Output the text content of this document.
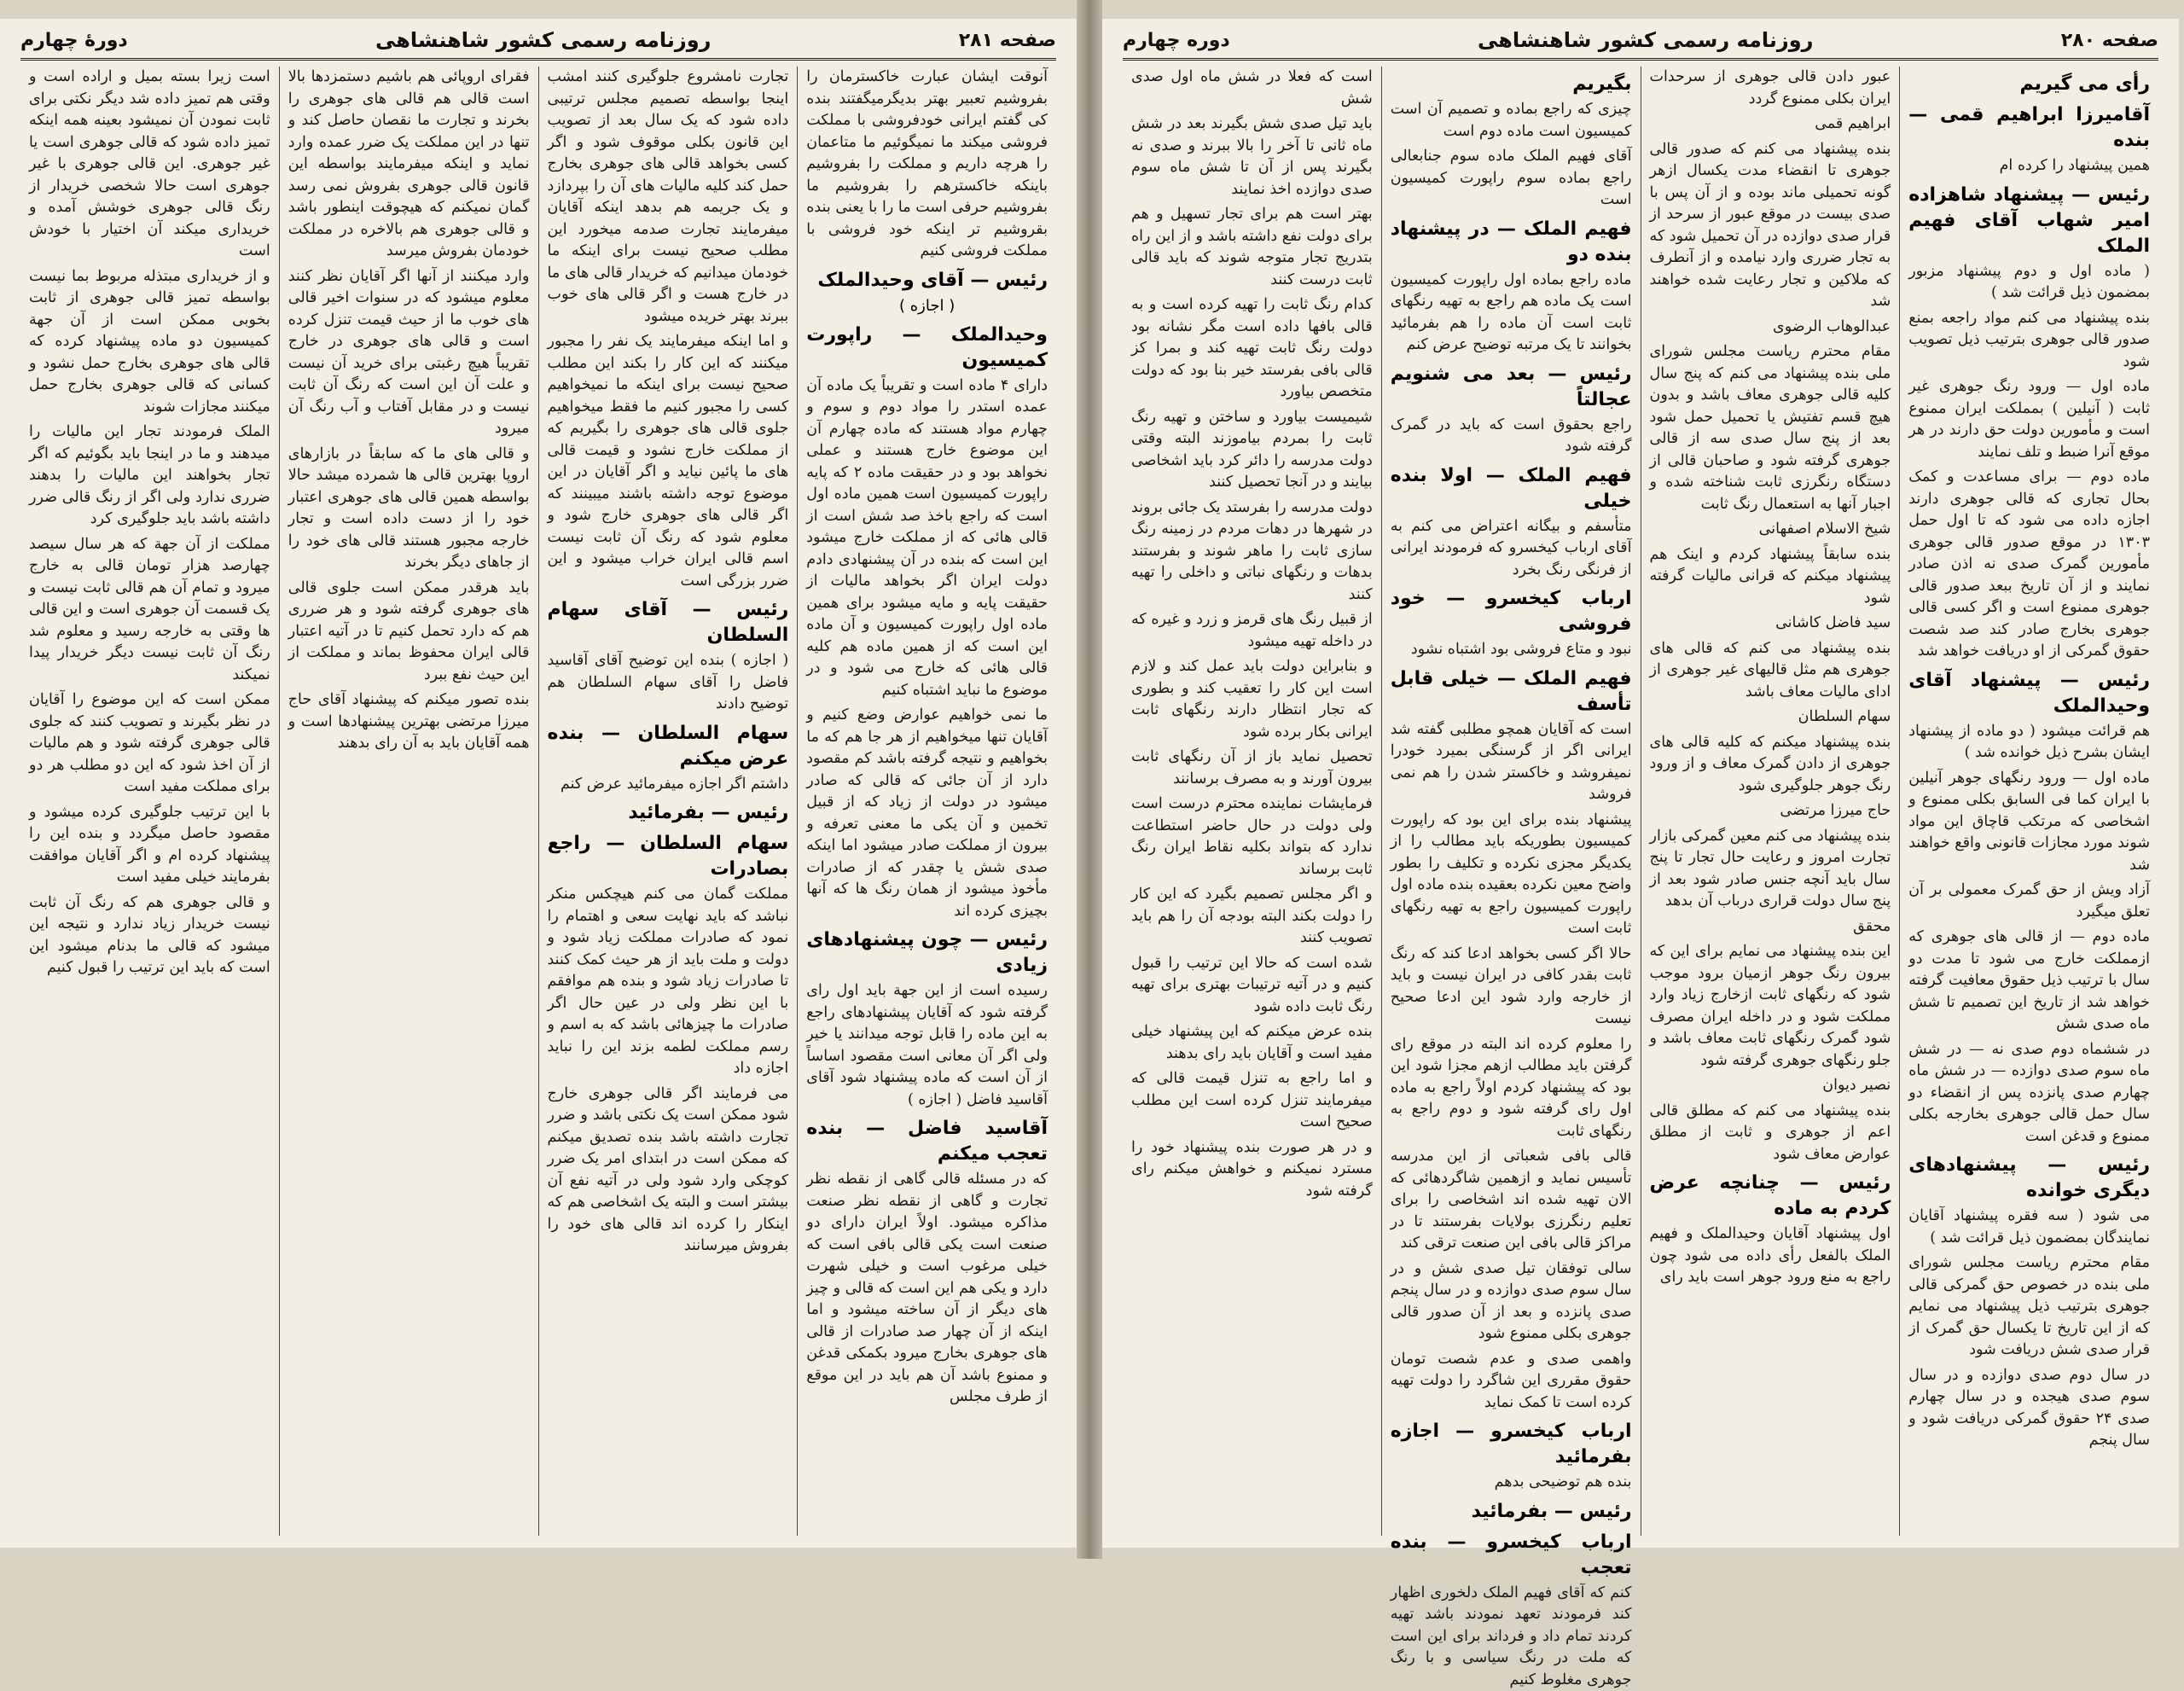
صفحه ۲۸۱
روزنامه رسمی کشور شاهنشاهی
دورهٔ چهارم
آنوقت ایشان عبارت خاکسترمان را بفروشیم تعبیر بهتر بدیگرمیگفتند بنده کی گفتم ایرانی خودفروشی با مملکت فروشی میکند ما نمیگوئیم ما متاعمان را هرچه داریم و مملکت را بفروشیم باینکه خاکسترهم را بفروشیم ما بفروشیم حرفی است ما را با یعنی بنده بقروشیم تر اینکه خود فروشی با مملکت فروشی کنیم
رئیس — آقای وحیدالملک
( اجازه )
وحیدالملک — راپورت کمیسیون
دارای ۴ ماده است و تقریباً یک ماده آن عمده استدر را مواد دوم و سوم و چهارم مواد هستند که ماده چهارم آن این موضوع خارج هستند و عملی نخواهد بود و در حقیقت ماده ۲ که پایه راپورت کمیسیون است همین ماده اول است که راجع باخذ صد شش است از قالی هائی که از مملکت خارج میشود این است که بنده در آن پیشنهادی دادم دولت ایران اگر بخواهد مالیات از حقیقت پایه و مایه میشود برای همین ماده اول راپورت کمیسیون و آن ماده این است که از همین ماده هم کلیه قالی هائی که خارج می شود و در موضوع ما نباید اشتباه کنیم
ما نمی خواهیم عوارض وضع کنیم و آقایان تنها میخواهیم از هر جا هم که ما بخواهیم و نتیجه گرفته باشد کم مقصود دارد از آن جائی که قالی که صادر میشود در دولت از زیاد که از قبیل تخمین و آن یکی ما معنی تعرفه و بیرون از مملکت صادر میشود اما اینکه صدی شش یا چقدر که از صادرات مأخوذ میشود از همان رنگ ها که آنها بچیزی کرده اند
رئیس — چون پیشنهادهای زیادی
رسیده است از این جهة باید اول رای گرفته شود که آقایان پیشنهادهای راجع به این ماده را قابل توجه میدانند یا خیر ولی اگر آن معانی است مقصود اساساً از آن است که ماده پیشنهاد شود آقای آقاسید فاضل ( اجازه )
آقاسید فاضل — بنده تعجب میکنم
که در مسئله قالی گاهی از نقطه نظر تجارت و گاهی از نقطه نظر صنعت مذاکره میشود. اولاً ایران دارای دو صنعت است یکی قالی بافی است که خیلی مرغوب است و خیلی شهرت دارد و یکی هم این است که قالی و چیز های دیگر از آن ساخته میشود و اما اینکه از آن چهار صد صادرات از قالی های جوهری بخارج میرود بکمکی قدغن و ممنوع باشد آن هم باید در این موقع از طرف مجلس
تجارت نامشروع جلوگیری کنند امشب اینجا بواسطه تصمیم مجلس ترتیبی داده شود که یک سال بعد از تصویب این قانون بکلی موقوف شود و اگر کسی بخواهد قالی های جوهری بخارج حمل کند کلیه مالیات های آن را بپردازد و یک جریمه هم بدهد اینکه آقایان میفرمایند تجارت صدمه میخورد این مطلب صحیح نیست برای اینکه ما خودمان میدانیم که خریدار قالی های ما در خارج هست و اگر قالی های خوب ببرند بهتر خریده میشود
و اما اینکه میفرمایند یک نفر را مجبور میکنند که این کار را بکند این مطلب صحیح نیست برای اینکه ما نمیخواهیم کسی را مجبور کنیم ما فقط میخواهیم جلوی قالی های جوهری را بگیریم که از مملکت خارج نشود و قیمت قالی های ما پائین نیاید و اگر آقایان در این موضوع توجه داشته باشند میبینند که اگر قالی های جوهری خارج شود و معلوم شود که رنگ آن ثابت نیست اسم قالی ایران خراب میشود و این ضرر بزرگی است
رئیس — آقای سهام السلطان
( اجازه ) بنده این توضیح آقای آقاسید فاضل را آقای سهام السلطان هم توضیح دادند
سهام السلطان — بنده عرض میکنم
داشتم اگر اجازه میفرمائید عرض کنم
رئیس — بفرمائید
سهام السلطان — راجع بصادرات
مملکت گمان می کنم هیچکس منکر نباشد که باید نهایت سعی و اهتمام را نمود که صادرات مملکت زیاد شود و دولت و ملت باید از هر حیث کمک کنند تا صادرات زیاد شود و بنده هم موافقم با این نظر ولی در عین حال اگر صادرات ما چیزهائی باشد که به اسم و رسم مملکت لطمه بزند این را نباید اجازه داد
می فرمایند اگر قالی جوهری خارج شود ممکن است یک نکتی باشد و ضرر تجارت داشته باشد بنده تصدیق میکنم که ممکن است در ابتدای امر یک ضرر کوچکی وارد شود ولی در آتیه نفع آن بیشتر است و البته یک اشخاصی هم که اینکار را کرده اند قالی های خود را بفروش میرسانند
فقرای اروپائی هم باشیم دستمزدها بالا است قالی هم قالی های جوهری را بخرند و تجارت ما نقصان حاصل کند و تنها در این مملکت یک ضرر عمده وارد نماید و اینکه میفرمایند بواسطه این قانون قالی جوهری بفروش نمی رسد گمان نمیکنم که هیچوقت اینطور باشد و قالی جوهری هم بالاخره در مملکت خودمان بفروش میرسد
وارد میکنند از آنها اگر آقایان نظر کنند معلوم میشود که در سنوات اخیر قالی های خوب ما از حیث قیمت تنزل کرده است و قالی های جوهری در خارج تقریباً هیچ رغبتی برای خرید آن نیست و علت آن این است که رنگ آن ثابت نیست و در مقابل آفتاب و آب رنگ آن میرود
و قالی های ما که سابقاً در بازارهای اروپا بهترین قالی ها شمرده میشد حالا بواسطه همین قالی های جوهری اعتبار خود را از دست داده است و تجار خارجه مجبور هستند قالی های خود را از جاهای دیگر بخرند
باید هرقدر ممکن است جلوی قالی های جوهری گرفته شود و هر ضرری هم که دارد تحمل کنیم تا در آتیه اعتبار قالی ایران محفوظ بماند و مملکت از این حیث نفع ببرد
بنده تصور میکنم که پیشنهاد آقای حاج میرزا مرتضی بهترین پیشنهادها است و همه آقایان باید به آن رای بدهند
است زیرا بسته بمیل و اراده است و وقتی هم تمیز داده شد دیگر نکتی برای ثابت نمودن آن نمیشود بعینه همه اینکه تمیز داده شود که قالی جوهری است یا غیر جوهری. این قالی جوهری با غیر جوهری است حالا شخصی خریدار از رنگ قالی جوهری خوشش آمده و خریداری میکند آن اختیار با خودش است
و از خریداری مبتذله مربوط بما نیست بواسطه تمیز قالی جوهری از ثابت بخوبی ممکن است از آن جهة کمیسیون دو ماده پیشنهاد کرده که قالی های جوهری بخارج حمل نشود و کسانی که قالی جوهری بخارج حمل میکنند مجازات شوند
الملک فرمودند تجار این مالیات را میدهند و ما در اینجا باید بگوئیم که اگر تجار بخواهند این مالیات را بدهند ضرری ندارد ولی اگر از رنگ قالی ضرر داشته باشد باید جلوگیری کرد
مملکت از آن جهة که هر سال سیصد چهارصد هزار تومان قالی به خارج میرود و تمام آن هم قالی ثابت نیست و یک قسمت آن جوهری است و این قالی ها وقتی به خارجه رسید و معلوم شد رنگ آن ثابت نیست دیگر خریدار پیدا نمیکند
ممکن است که این موضوع را آقایان در نظر بگیرند و تصویب کنند که جلوی قالی جوهری گرفته شود و هم مالیات از آن اخذ شود که این دو مطلب هر دو برای مملکت مفید است
با این ترتیب جلوگیری کرده میشود و مقصود حاصل میگردد و بنده این را پیشنهاد کرده ام و اگر آقایان موافقت بفرمایند خیلی مفید است
و قالی جوهری هم که رنگ آن ثابت نیست خریدار زیاد ندارد و نتیجه این میشود که قالی ما بدنام میشود این است که باید این ترتیب را قبول کنیم
صفحه ۲۸۰
روزنامه رسمی کشور شاهنشاهی
دوره چهارم
رأی می گیریم
آقامیرزا ابراهیم قمی — بنده
همین پیشنهاد را کرده ام
رئیس — پیشنهاد شاهزاده امیر شهاب آقای فهیم الملک
( ماده اول و دوم پیشنهاد مزبور بمضمون ذیل قرائت شد )
بنده پیشنهاد می کنم مواد راجعه بمنع صدور قالی جوهری بترتیب ذیل تصویب شود
ماده اول — ورود رنگ جوهری غیر ثابت ( آنیلین ) بمملکت ایران ممنوع است و مأمورین دولت حق دارند در هر موقع آنرا ضبط و تلف نمایند
ماده دوم — برای مساعدت و کمک بحال تجاری که قالی جوهری دارند اجازه داده می شود که تا اول حمل ۱۳۰۳ در موقع صدور قالی جوهری مأمورین گمرک صدی نه اذن صادر نمایند و از آن تاریخ ببعد صدور قالی جوهری ممنوع است و اگر کسی قالی جوهری بخارج صادر کند صد شصت حقوق گمرکی از او دریافت خواهد شد
رئیس — پیشنهاد آقای وحیدالملک
هم قرائت میشود ( دو ماده از پیشنهاد ایشان بشرح ذیل خوانده شد )
ماده اول — ورود رنگهای جوهر آنیلین با ایران کما فی السابق بکلی ممنوع و اشخاصی که مرتکب قاچاق این مواد شوند مورد مجازات قانونی واقع خواهند شد
آزاد ویش از حق گمرک معمولی بر آن تعلق میگیرد
ماده دوم — از قالی های جوهری که ازمملکت خارج می شود تا مدت دو سال با ترتیب ذیل حقوق معافیت گرفته خواهد شد از تاریخ این تصمیم تا شش ماه صدی شش
در ششماه دوم صدی نه — در شش ماه سوم صدی دوازده — در شش ماه چهارم صدی پانزده پس از انقضاء دو سال حمل قالی جوهری بخارجه بکلی ممنوع و قدغن است
رئیس — پیشنهادهای دیگری خوانده
می شود ( سه فقره پیشنهاد آقایان نمایندگان بمضمون ذیل قرائت شد )
مقام محترم ریاست مجلس شورای ملی بنده در خصوص حق گمرکی قالی جوهری بترتیب ذیل پیشنهاد می نمایم که از این تاریخ تا یکسال حق گمرک از قرار صدی شش دریافت شود
در سال دوم صدی دوازده و در سال سوم صدی هیجده و در سال چهارم صدی ۲۴ حقوق گمرکی دریافت شود و سال پنجم
عبور دادن قالی جوهری از سرحدات ایران بکلی ممنوع گردد
ابراهیم قمی
بنده پیشنهاد می کنم که صدور قالی جوهری تا انقضاء مدت یکسال ازهر گونه تحمیلی ماند بوده و از آن پس با صدی بیست در موقع عبور از سرحد از قرار صدی دوازده در آن تحمیل شود که به تجار ضرری وارد نیامده و از آنطرف که ملاکین و تجار رعایت شده خواهند شد
عبدالوهاب الرضوی
مقام محترم ریاست مجلس شورای ملی بنده پیشنهاد می کنم که پنج سال کلیه قالی جوهری معاف باشد و بدون هیچ قسم تفتیش یا تحمیل حمل شود بعد از پنج سال صدی سه از قالی جوهری گرفته شود و صاحبان قالی از دستگاه رنگرزی ثابت شناخته شده و اجبار آنها به استعمال رنگ ثابت
شیخ الاسلام اصفهانی
بنده سابقاً پیشنهاد کردم و اینک هم پیشنهاد میکنم که قرانی مالیات گرفته شود
سید فاضل کاشانی
بنده پیشنهاد می کنم که قالی های جوهری هم مثل قالیهای غیر جوهری از ادای مالیات معاف باشد
سهام السلطان
بنده پیشنهاد میکنم که کلیه قالی های جوهری از دادن گمرک معاف و از ورود رنگ جوهر جلوگیری شود
حاج میرزا مرتضی
بنده پیشنهاد می کنم معین گمرکی بازار تجارت امروز و رعایت حال تجار تا پنج سال باید آنچه جنس صادر شود بعد از پنج سال دولت قراری درباب آن بدهد
محقق
این بنده پیشنهاد می نمایم برای این که بیرون رنگ جوهر ازمیان برود موجب شود که رنگهای ثابت ازخارج زیاد وارد مملکت شود و در داخله ایران مصرف شود گمرک رنگهای ثابت معاف باشد و جلو رنگهای جوهری گرفته شود
نصیر دیوان
بنده پیشنهاد می کنم که مطلق قالی اعم از جوهری و ثابت از مطلق عوارض معاف شود
رئیس — چنانچه عرض کردم به ماده
اول پیشنهاد آقایان وحیدالملک و فهیم الملک بالفعل رأی داده می شود چون راجع به منع ورود جوهر است باید رای
بگیریم
چیزی که راجع بماده و تصمیم آن است کمیسیون است ماده دوم است
آقای فهیم الملک ماده سوم جنابعالی راجع بماده سوم راپورت کمیسیون است
فهیم الملک — در پیشنهاد بنده دو
ماده راجع بماده اول راپورت کمیسیون است یک ماده هم راجع به تهیه رنگهای ثابت است آن ماده را هم بفرمائید بخوانند تا یک مرتبه توضیح عرض کنم
رئیس — بعد می شنویم عجالتاً
راجع بحقوق است که باید در گمرک گرفته شود
فهیم الملک — اولا بنده خیلی
متأسفم و بیگانه اعتراض می کنم به آقای ارباب کیخسرو که فرمودند ایرانی از فرنگی رنگ بخرد
ارباب کیخسرو — خود فروشی
نبود و متاع فروشی بود اشتباه نشود
فهیم الملک — خیلی قابل تأسف
است که آقایان همچو مطلبی گفته شد ایرانی اگر از گرسنگی بمیرد خودرا نمیفروشد و خاکستر شدن را هم نمی فروشد
پیشنهاد بنده برای این بود که راپورت کمیسیون بطوریکه باید مطالب را از یکدیگر مجزی نکرده و تکلیف را بطور واضح معین نکرده بعقیده بنده ماده اول راپورت کمیسیون راجع به تهیه رنگهای ثابت است
حالا اگر کسی بخواهد ادعا کند که رنگ ثابت بقدر کافی در ایران نیست و باید از خارجه وارد شود این ادعا صحیح نیست
را معلوم کرده اند البته در موقع رای گرفتن باید مطالب ازهم مجزا شود این بود که پیشنهاد کردم اولاً راجع به ماده اول رای گرفته شود و دوم راجع به رنگهای ثابت
قالی بافی شعباتی از این مدرسه تأسیس نماید و ازهمین شاگردهائی که الان تهیه شده اند اشخاصی را برای تعلیم رنگرزی بولایات بفرستند تا در مراکز قالی بافی این صنعت ترقی کند
سالی توفقان تیل صدی شش و در سال سوم صدی دوازده و در سال پنجم صدی پانزده و بعد از آن صدور قالی جوهری بکلی ممنوع شود
واهمی صدی و عدم شصت تومان حقوق مقرری این شاگرد را دولت تهیه کرده است تا کمک نماید
ارباب کیخسرو — اجازه بفرمائید
بنده هم توضیحی بدهم
رئیس — بفرمائید
ارباب کیخسرو — بنده تعجب
کنم که آقای فهیم الملک دلخوری اظهار کند فرمودند تعهد نمودند باشد تهیه کردند تمام داد و فرداند برای این است که ملت در رنگ سیاسی و با رنگ جوهری مغلوط کنیم
است که فعلا در شش ماه اول صدی شش
باید تیل صدی شش بگیرند بعد در شش ماه ثانی تا آخر را بالا ببرند و صدی نه بگیرند پس از آن تا شش ماه سوم صدی دوازده اخذ نمایند
بهتر است هم برای تجار تسهیل و هم برای دولت نفع داشته باشد و از این راه بتدریج تجار متوجه شوند که باید قالی ثابت درست کنند
کدام رنگ ثابت را تهیه کرده است و به قالی بافها داده است مگر نشانه بود دولت رنگ ثابت تهیه کند و بمرا کز قالی بافی بفرستد خیر بنا بود که دولت متخصص بیاورد
شیمیست بیاورد و ساختن و تهیه رنگ ثابت را بمردم بیاموزند البته وقتی دولت مدرسه را دائر کرد باید اشخاصی بیایند و در آنجا تحصیل کنند
دولت مدرسه را بفرستد یک جائی بروند در شهرها در دهات مردم در زمینه رنگ سازی ثابت را ماهر شوند و بفرستند بدهات و رنگهای نباتی و داخلی را تهیه کنند
از قبیل رنگ های قرمز و زرد و غیره که در داخله تهیه میشود
و بنابراین دولت باید عمل کند و لازم است این کار را تعقیب کند و بطوری که تجار انتظار دارند رنگهای ثابت ایرانی بکار برده شود
تحصیل نماید باز از آن رنگهای ثابت بیرون آورند و به مصرف برسانند
فرمایشات نماینده محترم درست است ولی دولت در حال حاضر استطاعت ندارد که بتواند بکلیه نقاط ایران رنگ ثابت برساند
و اگر مجلس تصمیم بگیرد که این کار را دولت بکند البته بودجه آن را هم باید تصویب کنند
شده است که حالا این ترتیب را قبول کنیم و در آتیه ترتیبات بهتری برای تهیه رنگ ثابت داده شود
بنده عرض میکنم که این پیشنهاد خیلی مفید است و آقایان باید رای بدهند
و اما راجع به تنزل قیمت قالی که میفرمایند تنزل کرده است این مطلب صحیح است
و در هر صورت بنده پیشنهاد خود را مسترد نمیکنم و خواهش میکنم رای گرفته شود
